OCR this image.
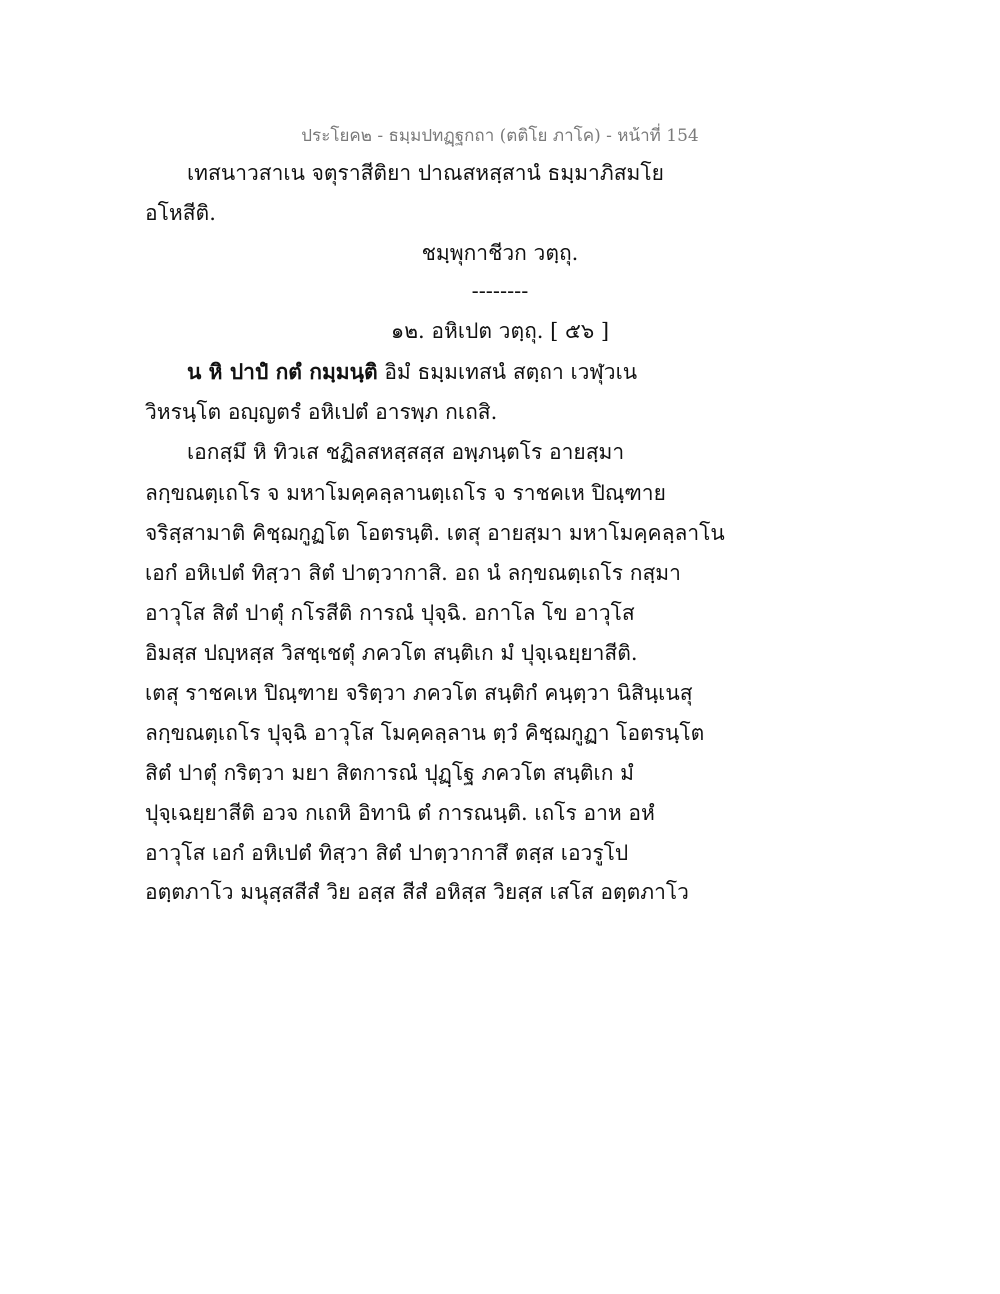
ประโยค๒ - ธมฺมปทฏฺฐกถา (ตติโย ภาโค) - หน้าที่ 154
เทสนาวสาเน จตุราสีติยา ปาณสหสฺสานํ ธมฺมาภิสมโย
อโหสีติ.
ชมฺพุกาชีวก วตฺถุ.
--------
๑๒. อหิเปต วตฺถุ. [ ๕๖ ]
น หิ ปาปํ กตํ กมฺมนฺติ อิมํ ธมฺมเทสนํ สตฺถา เวฬุวเน
วิหรนฺโต อญฺญตรํ อหิเปตํ อารพฺภ กเถสิ.
เอกสฺมึ หิ ทิวเส ชฏิลสหสฺสสฺส อพฺภนฺตโร อายสฺมา
ลกฺขณตฺเถโร จ มหาโมคฺคลฺลานตฺเถโร จ ราชคเห ปิณฺฑาย
จริสฺสามาติ คิชฺฌกูฏโต โอตรนฺติ. เตสุ อายสฺมา มหาโมคฺคลฺลาโน
เอกํ อหิเปตํ ทิสฺวา สิตํ ปาตฺวากาสิ. อถ นํ ลกฺขณตฺเถโร กสฺมา
อาวุโส สิตํ ปาตุํ กโรสีติ การณํ ปุจฺฉิ. อกาโล โข อาวุโส
อิมสฺส ปญฺหสฺส วิสชฺเชตุํ ภควโต สนฺติเก มํ ปุจฺเฉยฺยาสีติ.
เตสุ ราชคเห ปิณฺฑาย จริตฺวา ภควโต สนฺติกํ คนฺตฺวา นิสินฺเนสุ
ลกฺขณตฺเถโร ปุจฺฉิ อาวุโส โมคฺคลฺลาน ตฺวํ คิชฺฌกูฏา โอตรนฺโต
สิตํ ปาตุํ กริตฺวา มยา สิตการณํ ปุฏฺโฐ ภควโต สนฺติเก มํ
ปุจฺเฉยฺยาสีติ อวจ กเถหิ อิทานิ ตํ การณนฺติ. เถโร อาห อหํ
อาวุโส เอกํ อหิเปตํ ทิสฺวา สิตํ ปาตฺวากาสึ ตสฺส เอวรูโป
อตฺตภาโว มนุสฺสสีสํ วิย อสฺส สีสํ อหิสฺส วิยสฺส เสโส อตฺตภาโว
